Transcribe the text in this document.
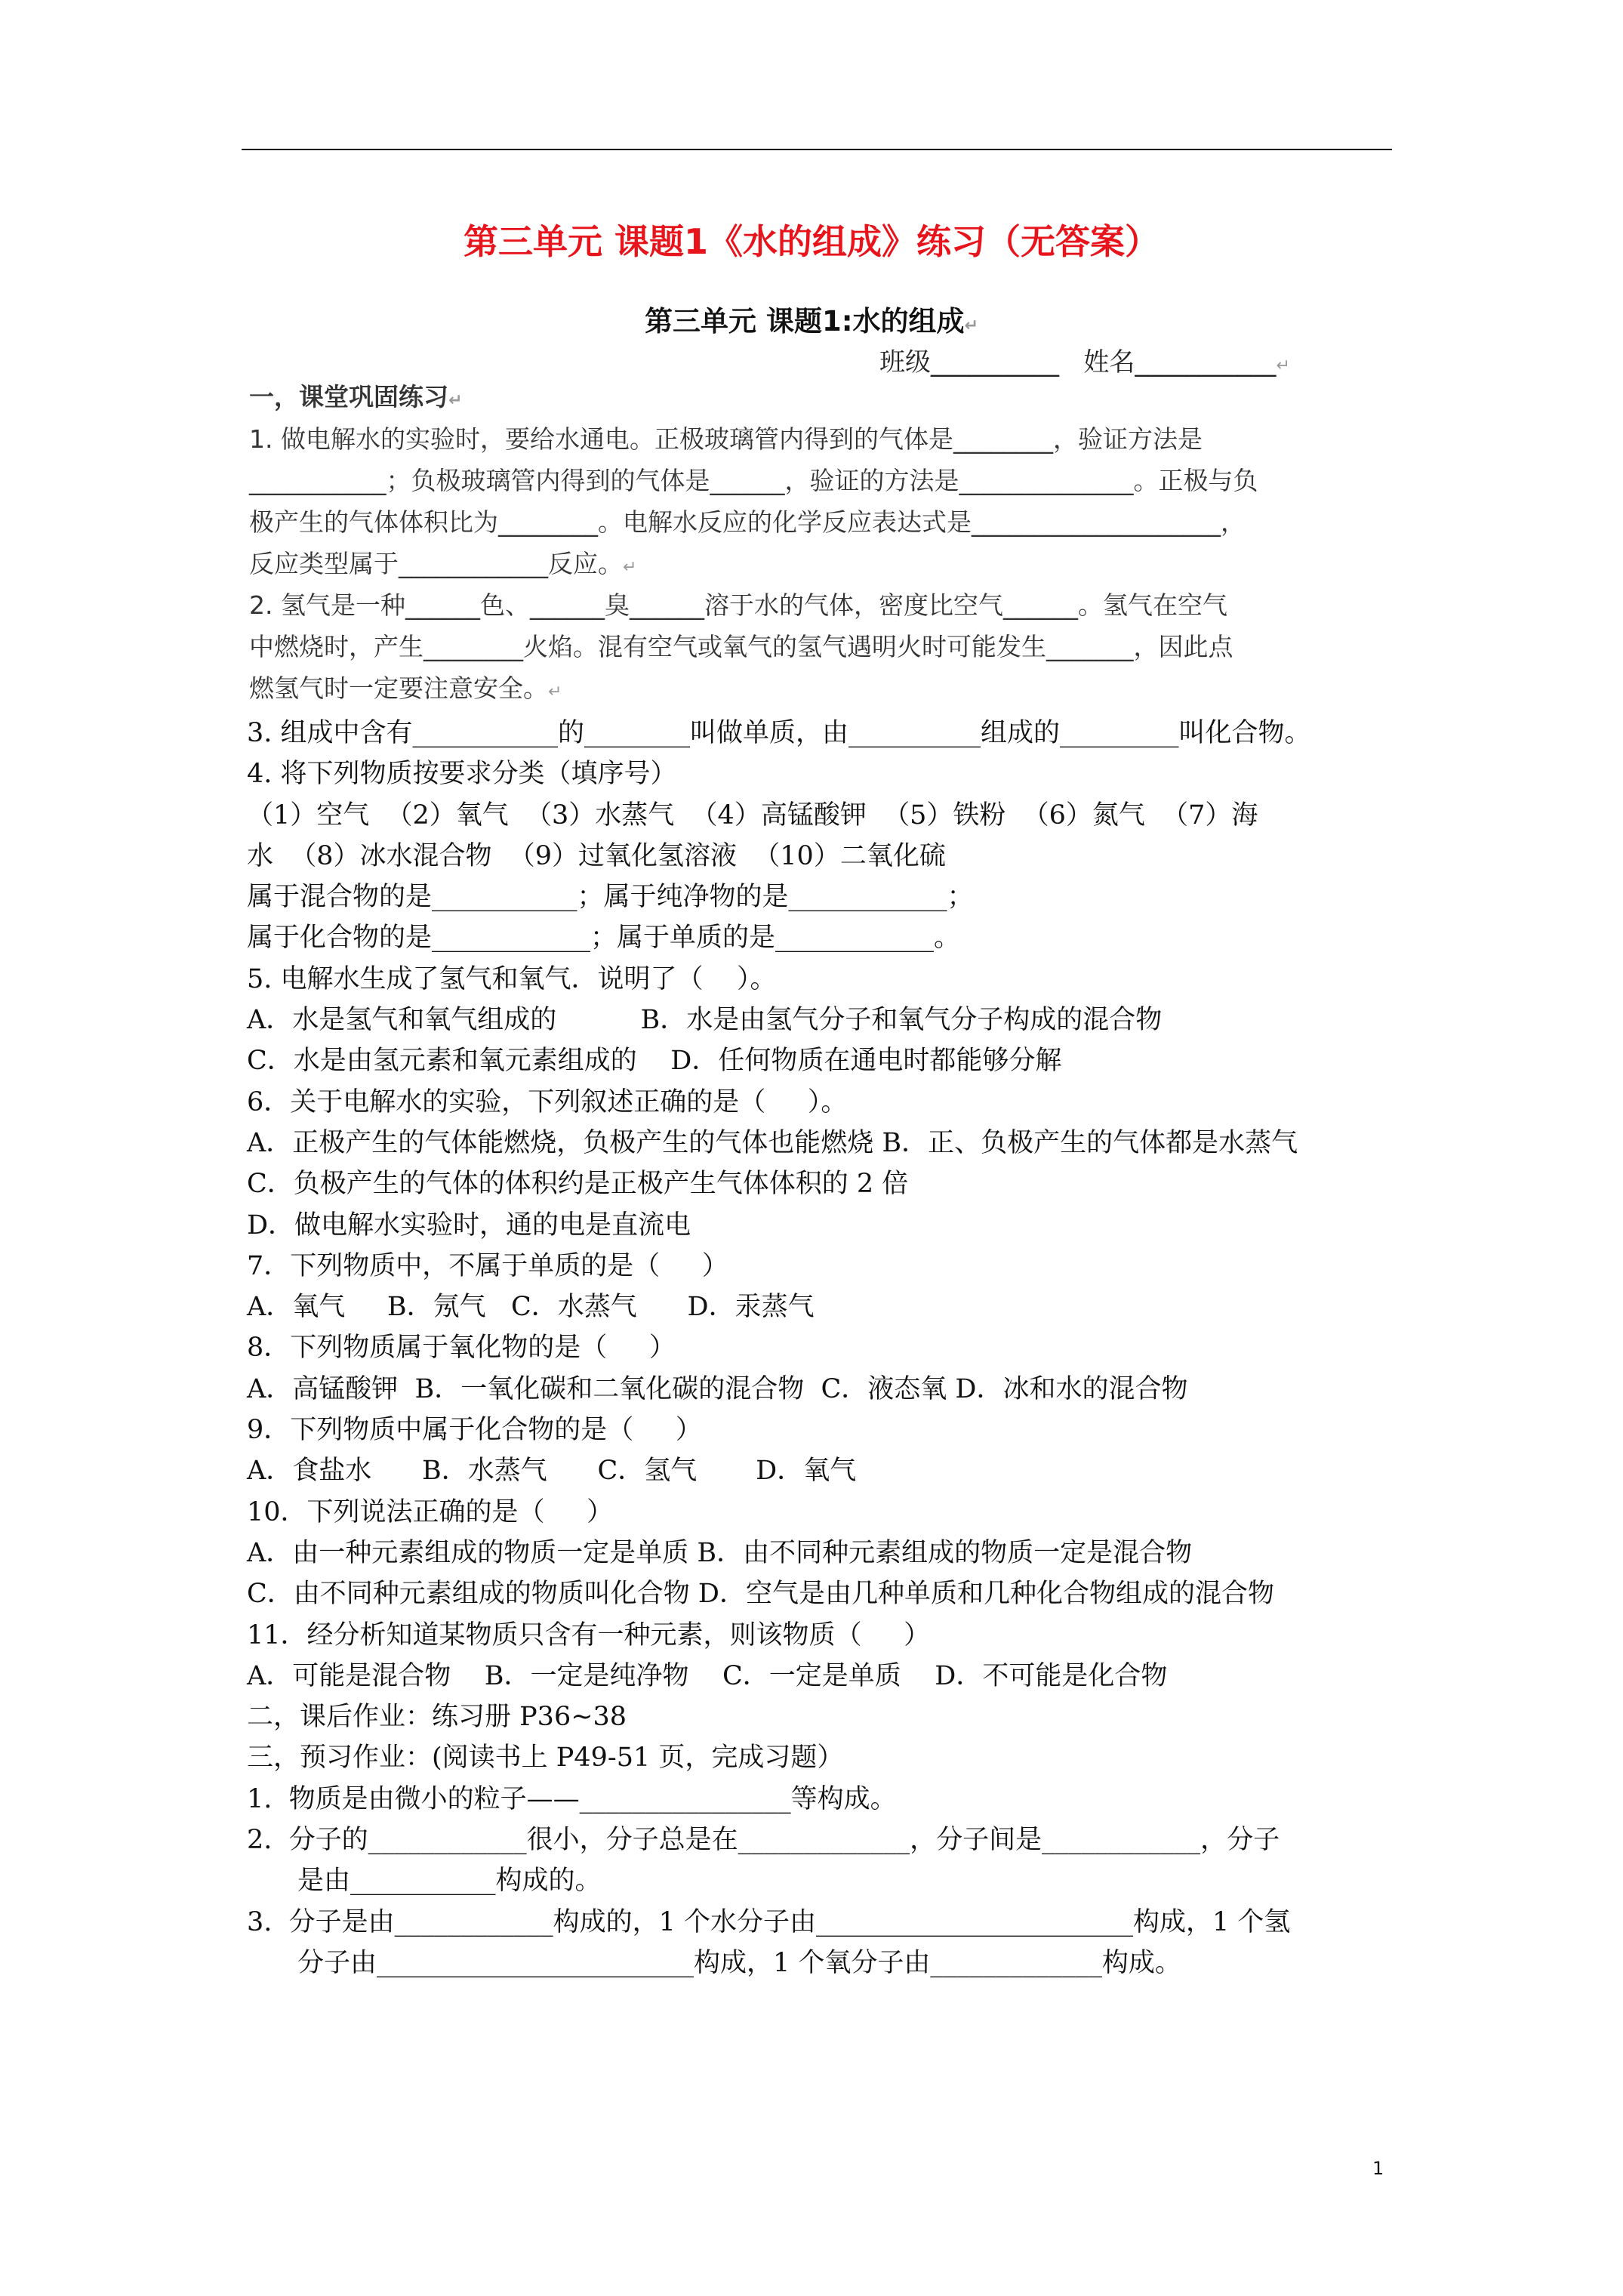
第三单元 课题1《水的组成》练习（无答案）
第三单元 课题1:水的组成↵
班级__________   姓名___________↵
一，课堂巩固练习↵
1. 做电解水的实验时，要给水通电。正极玻璃管内得到的气体是________，验证方法是
___________；负极玻璃管内得到的气体是______，验证的方法是______________。正极与负
极产生的气体体积比为________。电解水反应的化学反应表达式是____________________，
反应类型属于____________反应。↵
2. 氢气是一种______色、______臭______溶于水的气体，密度比空气______。氢气在空气
中燃烧时，产生________火焰。混有空气或氧气的氢气遇明火时可能发生_______，因此点
燃氢气时一定要注意安全。↵
3. 组成中含有___________的________叫做单质，由__________组成的_________叫化合物。
4. 将下列物质按要求分类（填序号）
（1）空气  （2）氧气  （3）水蒸气  （4）高锰酸钾  （5）铁粉  （6）氮气  （7）海
水  （8）冰水混合物  （9）过氧化氢溶液  （10）二氧化硫
属于混合物的是___________；属于纯净物的是____________；
属于化合物的是____________；属于单质的是____________。
5. 电解水生成了氢气和氧气．说明了（    ）。
A．水是氢气和氧气组成的          B．水是由氢气分子和氧气分子构成的混合物
C．水是由氢元素和氧元素组成的    D．任何物质在通电时都能够分解
6．关于电解水的实验，下列叙述正确的是（     ）。
A．正极产生的气体能燃烧，负极产生的气体也能燃烧 B．正、负极产生的气体都是水蒸气
C．负极产生的气体的体积约是正极产生气体体积的 2 倍
D．做电解水实验时，通的电是直流电
7．下列物质中，不属于单质的是（     ）
A．氧气     B．氖气   C．水蒸气      D．汞蒸气
8．下列物质属于氧化物的是（     ）
A．高锰酸钾  B．一氧化碳和二氧化碳的混合物  C．液态氧 D．冰和水的混合物
9．下列物质中属于化合物的是（     ）
A．食盐水      B．水蒸气      C．氢气       D．氧气
10．下列说法正确的是（     ）
A．由一种元素组成的物质一定是单质 B．由不同种元素组成的物质一定是混合物
C．由不同种元素组成的物质叫化合物 D．空气是由几种单质和几种化合物组成的混合物
11．经分析知道某物质只含有一种元素，则该物质（     ）
A．可能是混合物    B．一定是纯净物    C．一定是单质    D．不可能是化合物
二，课后作业：练习册 P36~38
三，预习作业：(阅读书上 P49-51 页，完成习题）
1.  物质是由微小的粒子——________________等构成。
2.  分子的____________很小，分子总是在_____________，分子间是____________，分子
是由___________构成的。
3.  分子是由____________构成的，1 个水分子由________________________构成，1 个氢
分子由________________________构成，1 个氧分子由_____________构成。
1
